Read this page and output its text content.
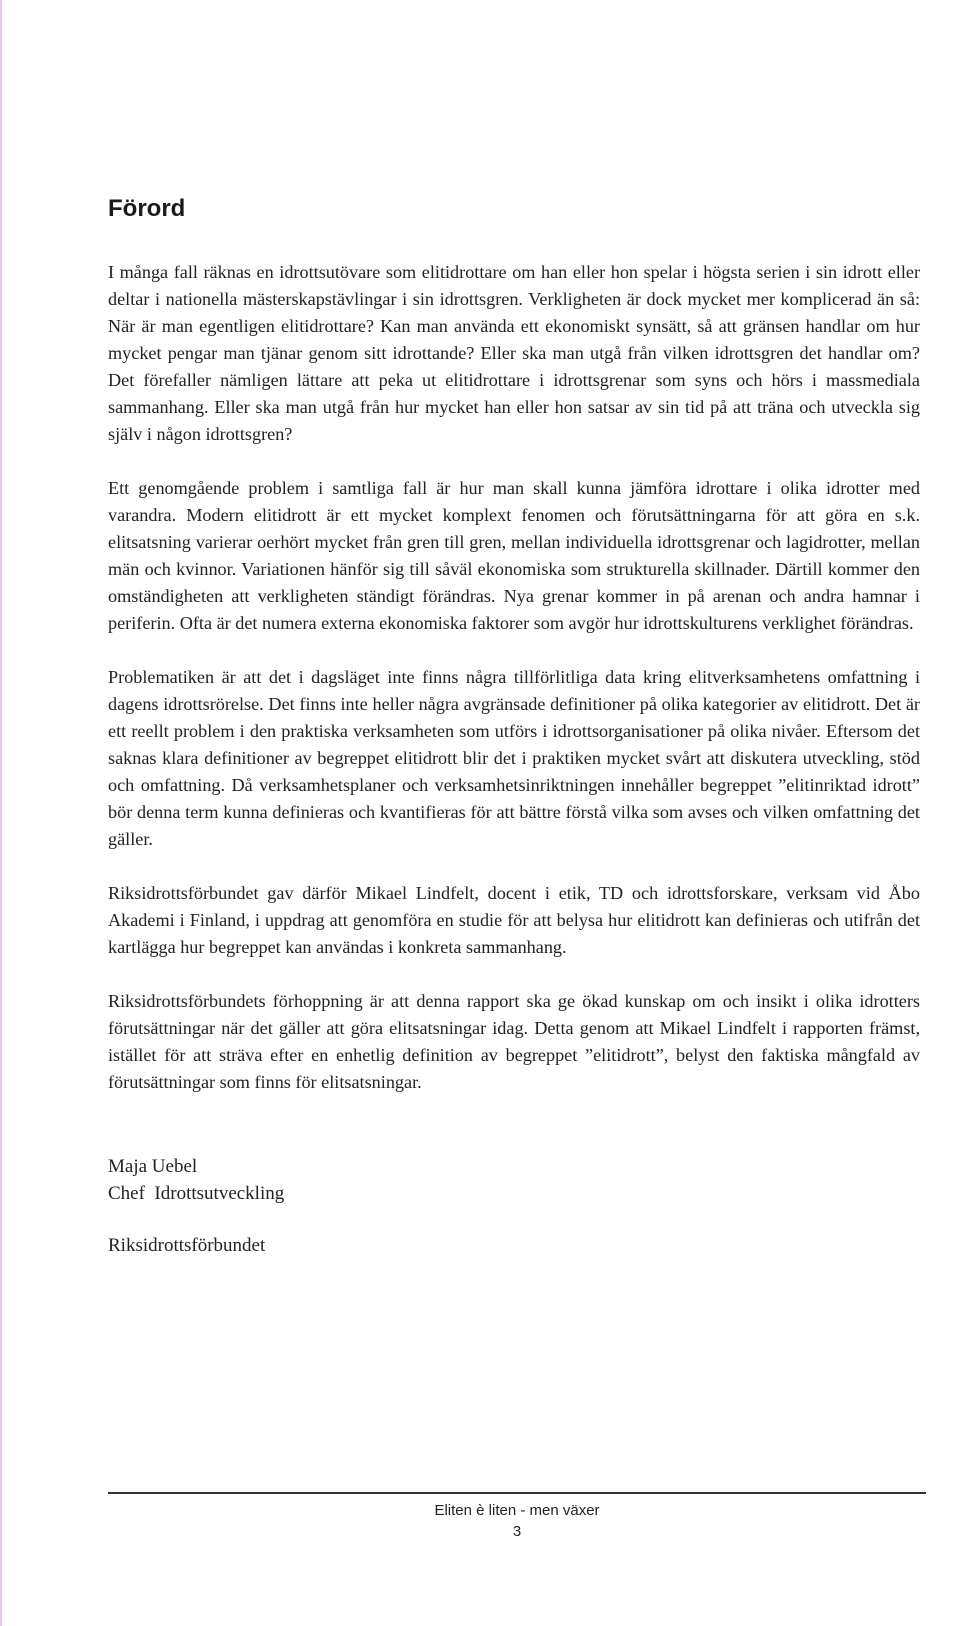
Förord

I många fall räknas en idrottsutövare som elitidrottare om han eller hon spelar i högsta serien i sin idrott eller deltar i nationella mästerskapstävlingar i sin idrottsgren. Verkligheten är dock mycket mer komplicerad än så: När är man egentligen elitidrottare? Kan man använda ett ekonomiskt synsätt, så att gränsen handlar om hur mycket pengar man tjänar genom sitt idrottande? Eller ska man utgå från vilken idrottsgren det handlar om? Det förefaller nämligen lättare att peka ut elitidrottare i idrottsgrenar som syns och hörs i massmediala sammanhang. Eller ska man utgå från hur mycket han eller hon satsar av sin tid på att träna och utveckla sig själv i någon idrottsgren?

Ett genomgående problem i samtliga fall är hur man skall kunna jämföra idrottare i olika idrotter med varandra. Modern elitidrott är ett mycket komplext fenomen och förutsättningarna för att göra en s.k. elitsatsning varierar oerhört mycket från gren till gren, mellan individuella idrottsgrenar och lagidrotter, mellan män och kvinnor. Variationen hänför sig till såväl ekonomiska som strukturella skillnader. Därtill kommer den omständigheten att verkligheten ständigt förändras. Nya grenar kommer in på arenan och andra hamnar i periferin. Ofta är det numera externa ekonomiska faktorer som avgör hur idrottskulturens verklighet förändras.

Problematiken är att det i dagsläget inte finns några tillförlitliga data kring elitverksamhetens omfattning i dagens idrottsrörelse. Det finns inte heller några avgränsade definitioner på olika kategorier av elitidrott. Det är ett reellt problem i den praktiska verksamheten som utförs i idrottsorganisationer på olika nivåer. Eftersom det saknas klara definitioner av begreppet elitidrott blir det i praktiken mycket svårt att diskutera utveckling, stöd och omfattning. Då verksamhetsplaner och verksamhetsinriktningen innehåller begreppet ”elitinriktad idrott” bör denna term kunna definieras och kvantifieras för att bättre förstå vilka som avses och vilken omfattning det gäller.

Riksidrottsförbundet gav därför Mikael Lindfelt, docent i etik, TD och idrottsforskare, verksam vid Åbo Akademi i Finland, i uppdrag att genomföra en studie för att belysa hur elitidrott kan definieras och utifrån det kartlägga hur begreppet kan användas i konkreta sammanhang.

Riksidrottsförbundets förhoppning är att denna rapport ska ge ökad kunskap om och insikt i olika idrotters förutsättningar när det gäller att göra elitsatsningar idag. Detta genom att Mikael Lindfelt i rapporten främst, istället för att sträva efter en enhetlig definition av begreppet ”elitidrott”, belyst den faktiska mångfald av förutsättningar som finns för elitsatsningar.

Maja Uebel
Chef  Idrottsutveckling
Riksidrottsförbundet
Eliten è liten - men växer
3
